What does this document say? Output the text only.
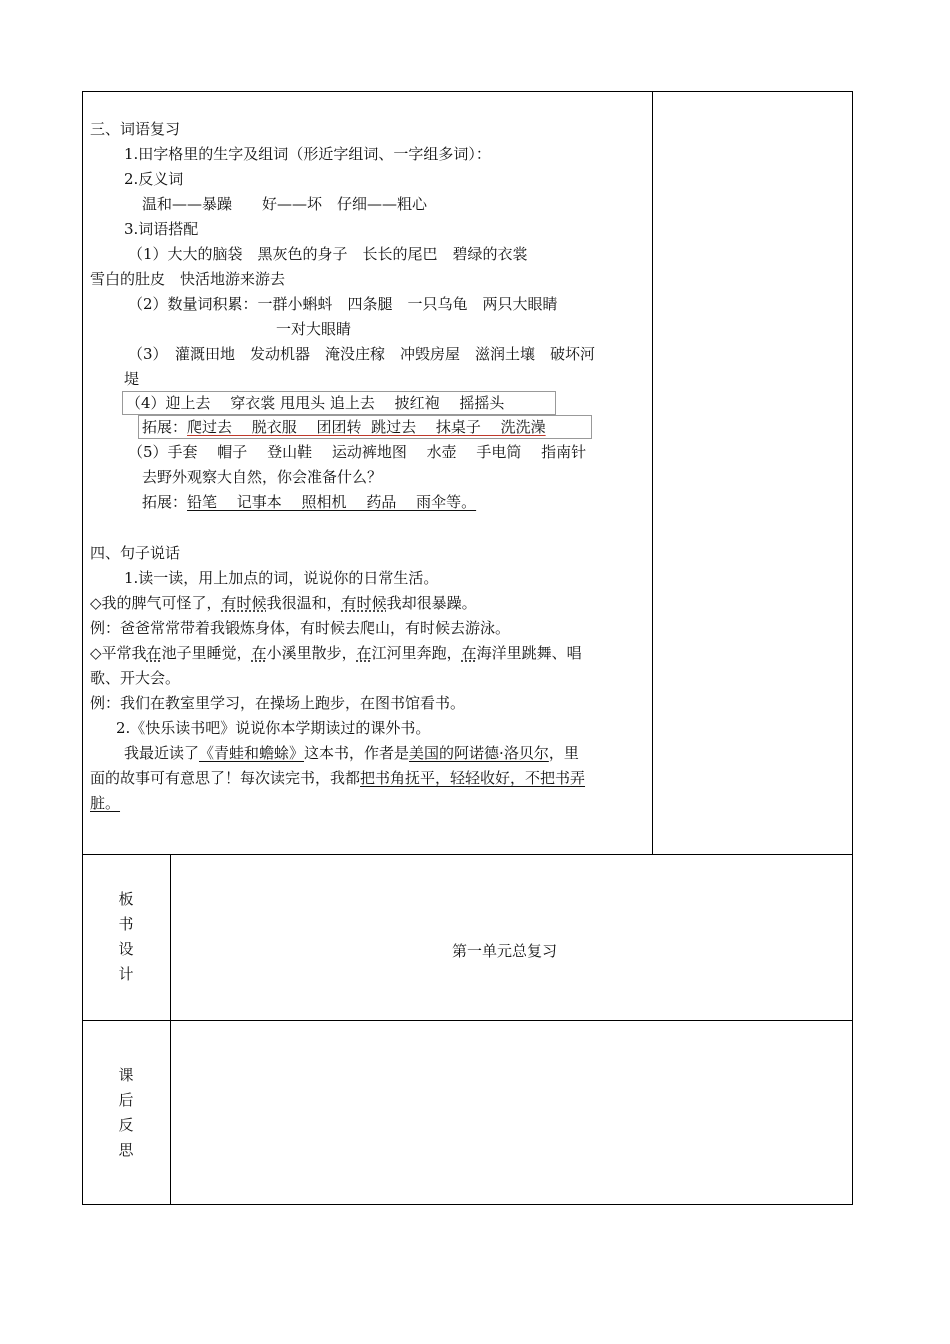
三、词语复习
1.田字格里的生字及组词（形近字组词、一字组多词）：
2.反义词
温和——暴躁　　好——坏　仔细——粗心
3.词语搭配
（1）大大的脑袋　黑灰色的身子　长长的尾巴　碧绿的衣裳
雪白的肚皮　快活地游来游去
（2）数量词积累：一群小蝌蚪　四条腿　一只乌龟　两只大眼睛
一对大眼睛
（3）　灌溉田地　发动机器　淹没庄稼　冲毁房屋　滋润土壤　破坏河
堤
（4）迎上去　 穿衣裳 甩甩头 追上去　 披红袍　 摇摇头
拓展：爬过去　 脱衣服　 团团转  跳过去　 抹桌子　 洗洗澡
（5）手套　 帽子　 登山鞋　 运动裤地图　 水壶　 手电筒　 指南针
去野外观察大自然，你会准备什么？
拓展：铅笔　 记事本　 照相机　 药品　 雨伞等。
四、句子说话
1.读一读，用上加点的词，说说你的日常生活。
◇我的脾气可怪了，有时候我很温和，有时候我却很暴躁。
例：爸爸常常带着我锻炼身体，有时候去爬山，有时候去游泳。
◇平常我在池子里睡觉，在小溪里散步，在江河里奔跑，在海洋里跳舞、唱
歌、开大会。
例：我们在教室里学习，在操场上跑步，在图书馆看书。
2.《快乐读书吧》说说你本学期读过的课外书。
我最近读了《青蛙和蟾蜍》这本书，作者是美国的阿诺德·洛贝尔，里
面的故事可有意思了！每次读完书，我都把书角抚平，轻轻收好，不把书弄
脏。
板
书
设
计
第一单元总复习
课
后
反
思
